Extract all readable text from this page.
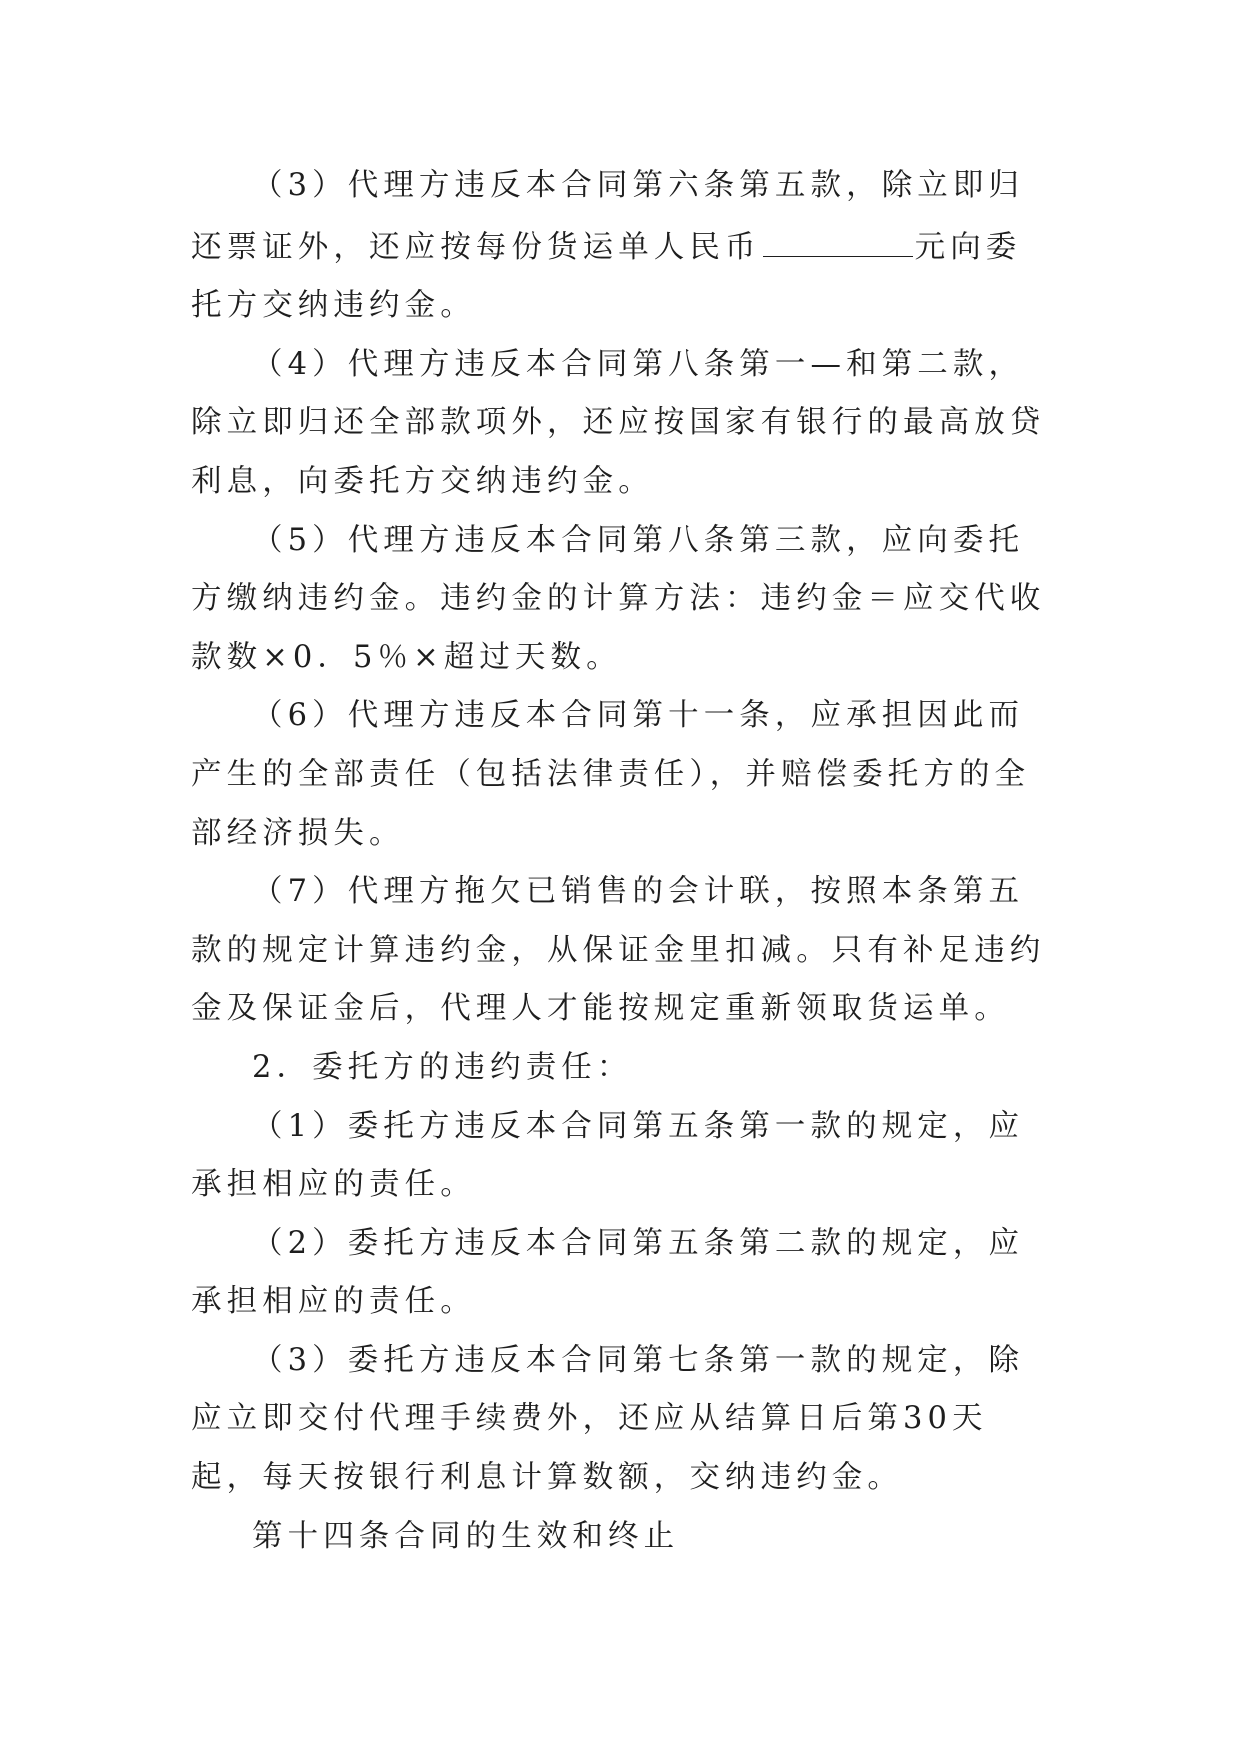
（3）代理方违反本合同第六条第五款，除立即归还票证外，还应按每份货运单人民币	元向委托方交纳违约金。

（4）代理方违反本合同第八条第一—和第二款，除立即归还全部款项外，还应按国家有银行的最高放贷利息，向委托方交纳违约金。

（5）代理方违反本合同第八条第三款，应向委托方缴纳违约金。违约金的计算方法：违约金＝应交代收款数×0．5％×超过天数。

（6）代理方违反本合同第十一条，应承担因此而产生的全部责任（包括法律责任），并赔偿委托方的全部经济损失。

（7）代理方拖欠已销售的会计联，按照本条第五款的规定计算违约金，从保证金里扣减。只有补足违约金及保证金后，代理人才能按规定重新领取货运单。

2．委托方的违约责任：

（1）委托方违反本合同第五条第一款的规定，应承担相应的责任。

（2）委托方违反本合同第五条第二款的规定，应承担相应的责任。

（3）委托方违反本合同第七条第一款的规定，除应立即交付代理手续费外，还应从结算日后第30天起，每天按银行利息计算数额，交纳违约金。

第十四条合同的生效和终止
